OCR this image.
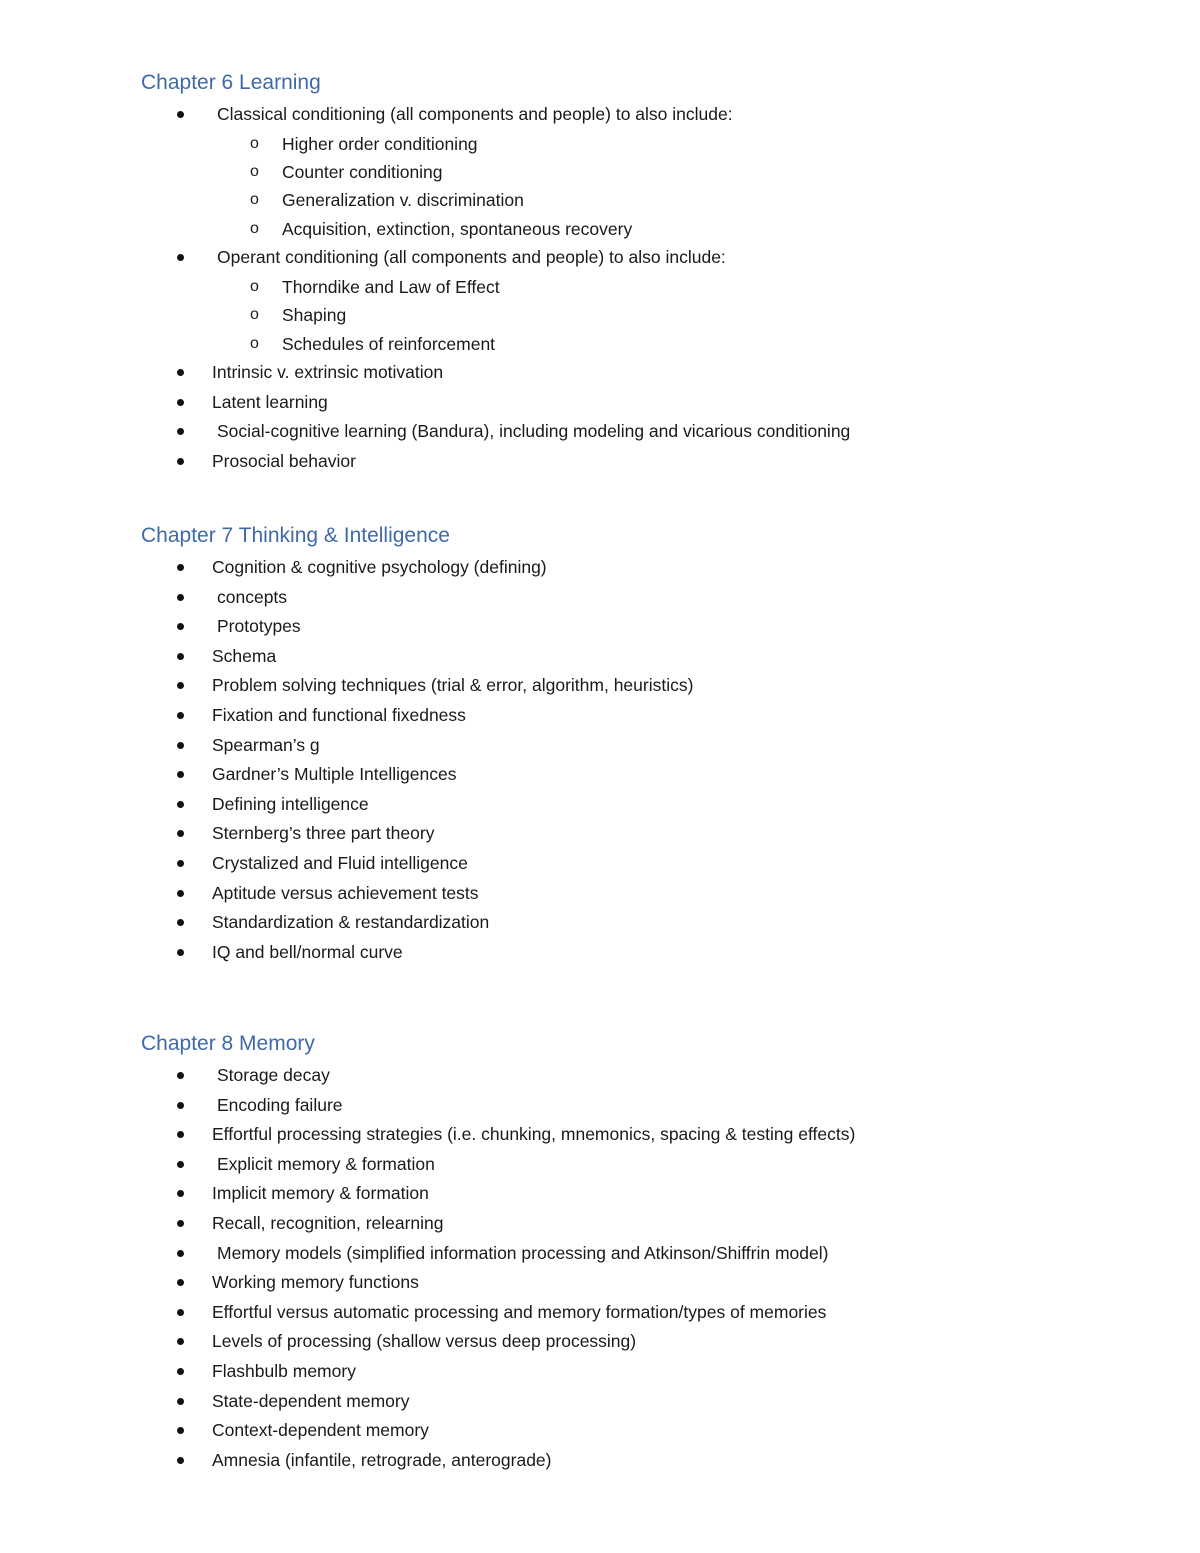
Chapter 6 Learning
Classical conditioning (all components and people) to also include:
o Higher order conditioning
o Counter conditioning
o Generalization v. discrimination
o Acquisition, extinction, spontaneous recovery
Operant conditioning (all components and people) to also include:
o Thorndike and Law of Effect
o Shaping
o Schedules of reinforcement
Intrinsic v. extrinsic motivation
Latent learning
Social-cognitive learning (Bandura), including modeling and vicarious conditioning
Prosocial behavior
Chapter 7 Thinking & Intelligence
Cognition & cognitive psychology (defining)
concepts
Prototypes
Schema
Problem solving techniques (trial & error, algorithm, heuristics)
Fixation and functional fixedness
Spearman’s g
Gardner’s Multiple Intelligences
Defining intelligence
Sternberg’s three part theory
Crystalized and Fluid intelligence
Aptitude versus achievement tests
Standardization & restandardization
IQ and bell/normal curve
Chapter 8 Memory
Storage decay
Encoding failure
Effortful processing strategies (i.e. chunking, mnemonics, spacing & testing effects)
Explicit memory & formation
Implicit memory & formation
Recall, recognition, relearning
Memory models (simplified information processing and Atkinson/Shiffrin model)
Working memory functions
Effortful versus automatic processing and memory formation/types of memories
Levels of processing (shallow versus deep processing)
Flashbulb memory
State-dependent memory
Context-dependent memory
Amnesia (infantile, retrograde, anterograde)
